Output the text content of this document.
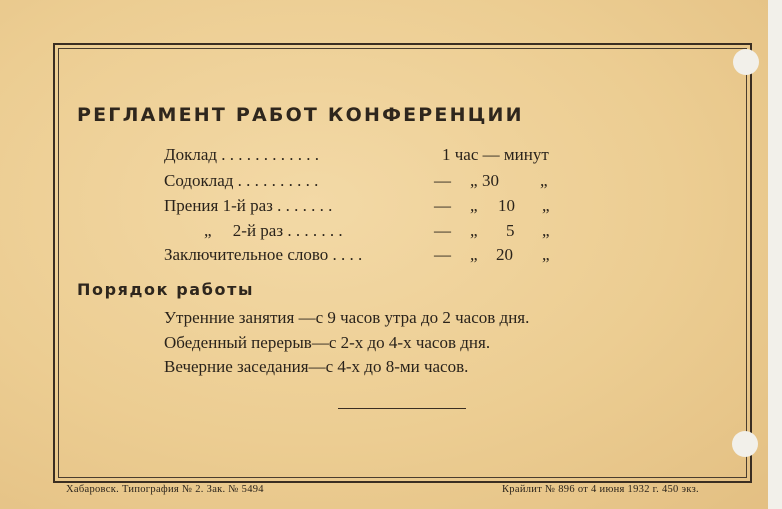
РЕГЛАМЕНТ РАБОТ КОНФЕРЕНЦИИ
Доклад . . . . . . . . . . . .	1 час — минут
Содоклад . . . . . . . . . .	— „ 30 „
Прения 1-й раз . . . . . . .	— „ 10 „
„     2-й раз . . . . . . .	— „ 5 „
Заключительное слово . . . .	— „ 20 „
Порядок работы
Утренние занятия —с 9 часов утра до 2 часов дня.
Обеденный перерыв—с 2-х до 4-х часов дня.
Вечерние заседания—с 4-х до 8-ми часов.
Хабаровск. Типография № 2. Зак. № 5494	Крайлит № 896 от 4 июня 1932 г. 450 экз.
